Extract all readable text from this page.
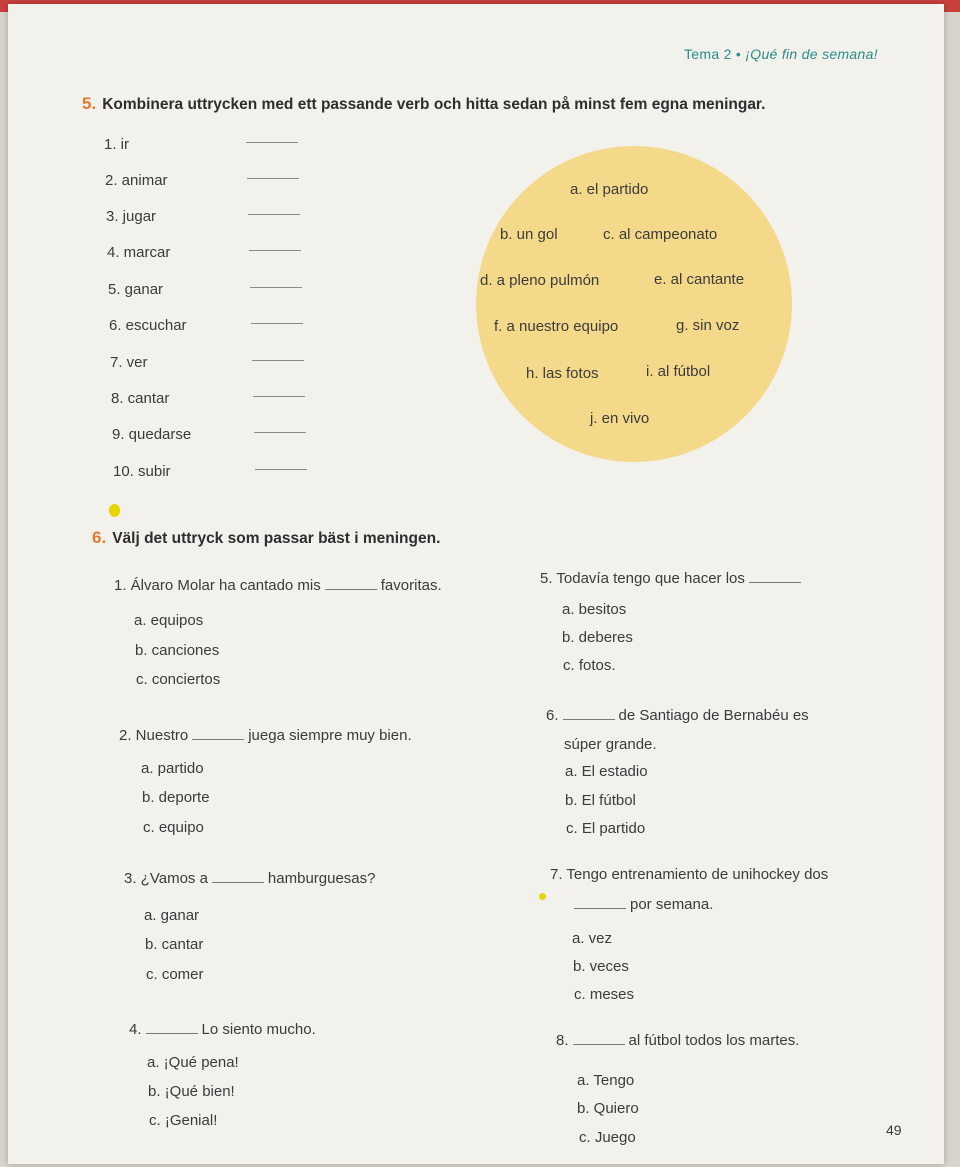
Tema 2 • ¡Qué fin de semana!
5. Kombinera uttrycken med ett passande verb och hitta sedan på minst fem egna meningar.
1. ir
2. animar
3. jugar
4. marcar
5. ganar
6. escuchar
7. ver
8. cantar
9. quedarse
10. subir
a. el partido
b. un gol	c. al campeonato
d. a pleno pulmón	e. al cantante
f. a nuestro equipo	g. sin voz
h. las fotos	i. al fútbol
j. en vivo
6. Välj det uttryck som passar bäst i meningen.
1. Álvaro Molar ha cantado mis	favoritas.
a. equipos
b. canciones
c. conciertos
2. Nuestro	juega siempre muy bien.
a. partido
b. deporte
c. equipo
3. ¿Vamos a	hamburguesas?
a. ganar
b. cantar
c. comer
4.	Lo siento mucho.
a. ¡Qué pena!
b. ¡Qué bien!
c. ¡Genial!
5. Todavía tengo que hacer los
a. besitos
b. deberes
c. fotos.
6.	de Santiago de Bernabéu es
súper grande.
a. El estadio
b. El fútbol
c. El partido
7. Tengo entrenamiento de unihockey dos
por semana.
a. vez
b. veces
c. meses
8.	al fútbol todos los martes.
a. Tengo
b. Quiero
c. Juego	49
